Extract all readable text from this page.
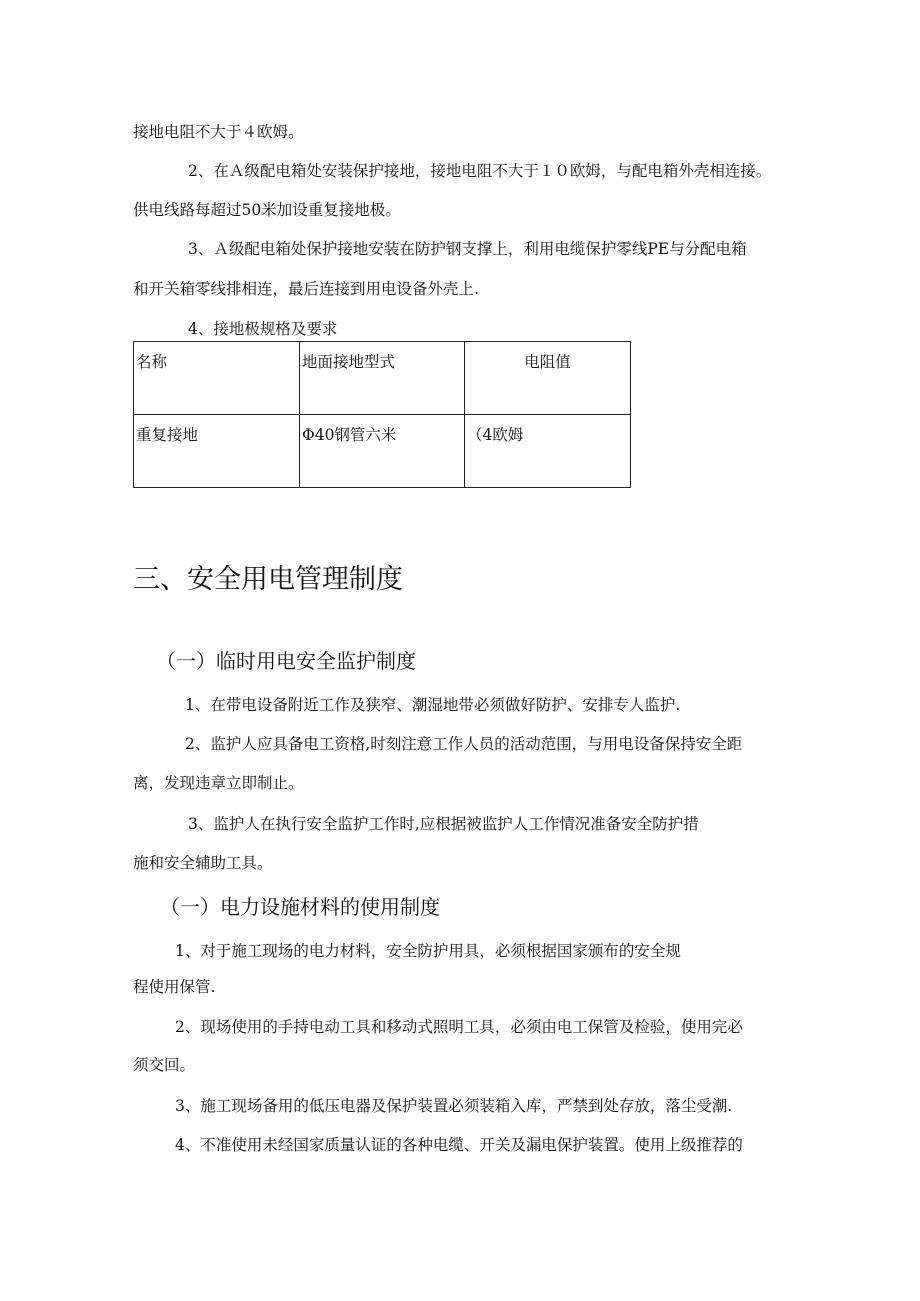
接地电阻不大于４欧姆。
2、在Ａ级配电箱处安装保护接地，接地电阻不大于１０欧姆，与配电箱外壳相连接。
供电线路每超过50米加设重复接地极。
3、Ａ级配电箱处保护接地安装在防护钢支撑上，利用电缆保护零线PE与分配电箱
和开关箱零线排相连，最后连接到用电设备外壳上.
4、接地极规格及要求
名称	地面接地型式	电阻值
重复接地	Φ40钢管六米	（4欧姆
三、安全用电管理制度
（一）临时用电安全监护制度
1、在带电设备附近工作及狭窄、潮湿地带必须做好防护、安排专人监护.
2、监护人应具备电工资格,时刻注意工作人员的活动范围，与用电设备保持安全距
离，发现违章立即制止。
3、监护人在执行安全监护工作时,应根据被监护人工作情况准备安全防护措
施和安全辅助工具。
（一）电力设施材料的使用制度
1、对于施工现场的电力材料，安全防护用具，必须根据国家颁布的安全规
程使用保管.
2、现场使用的手持电动工具和移动式照明工具，必须由电工保管及检验，使用完必
须交回。
3、施工现场备用的低压电器及保护装置必须装箱入库，严禁到处存放，落尘受潮.
4、不准使用未经国家质量认证的各种电缆、开关及漏电保护装置。使用上级推荐的
